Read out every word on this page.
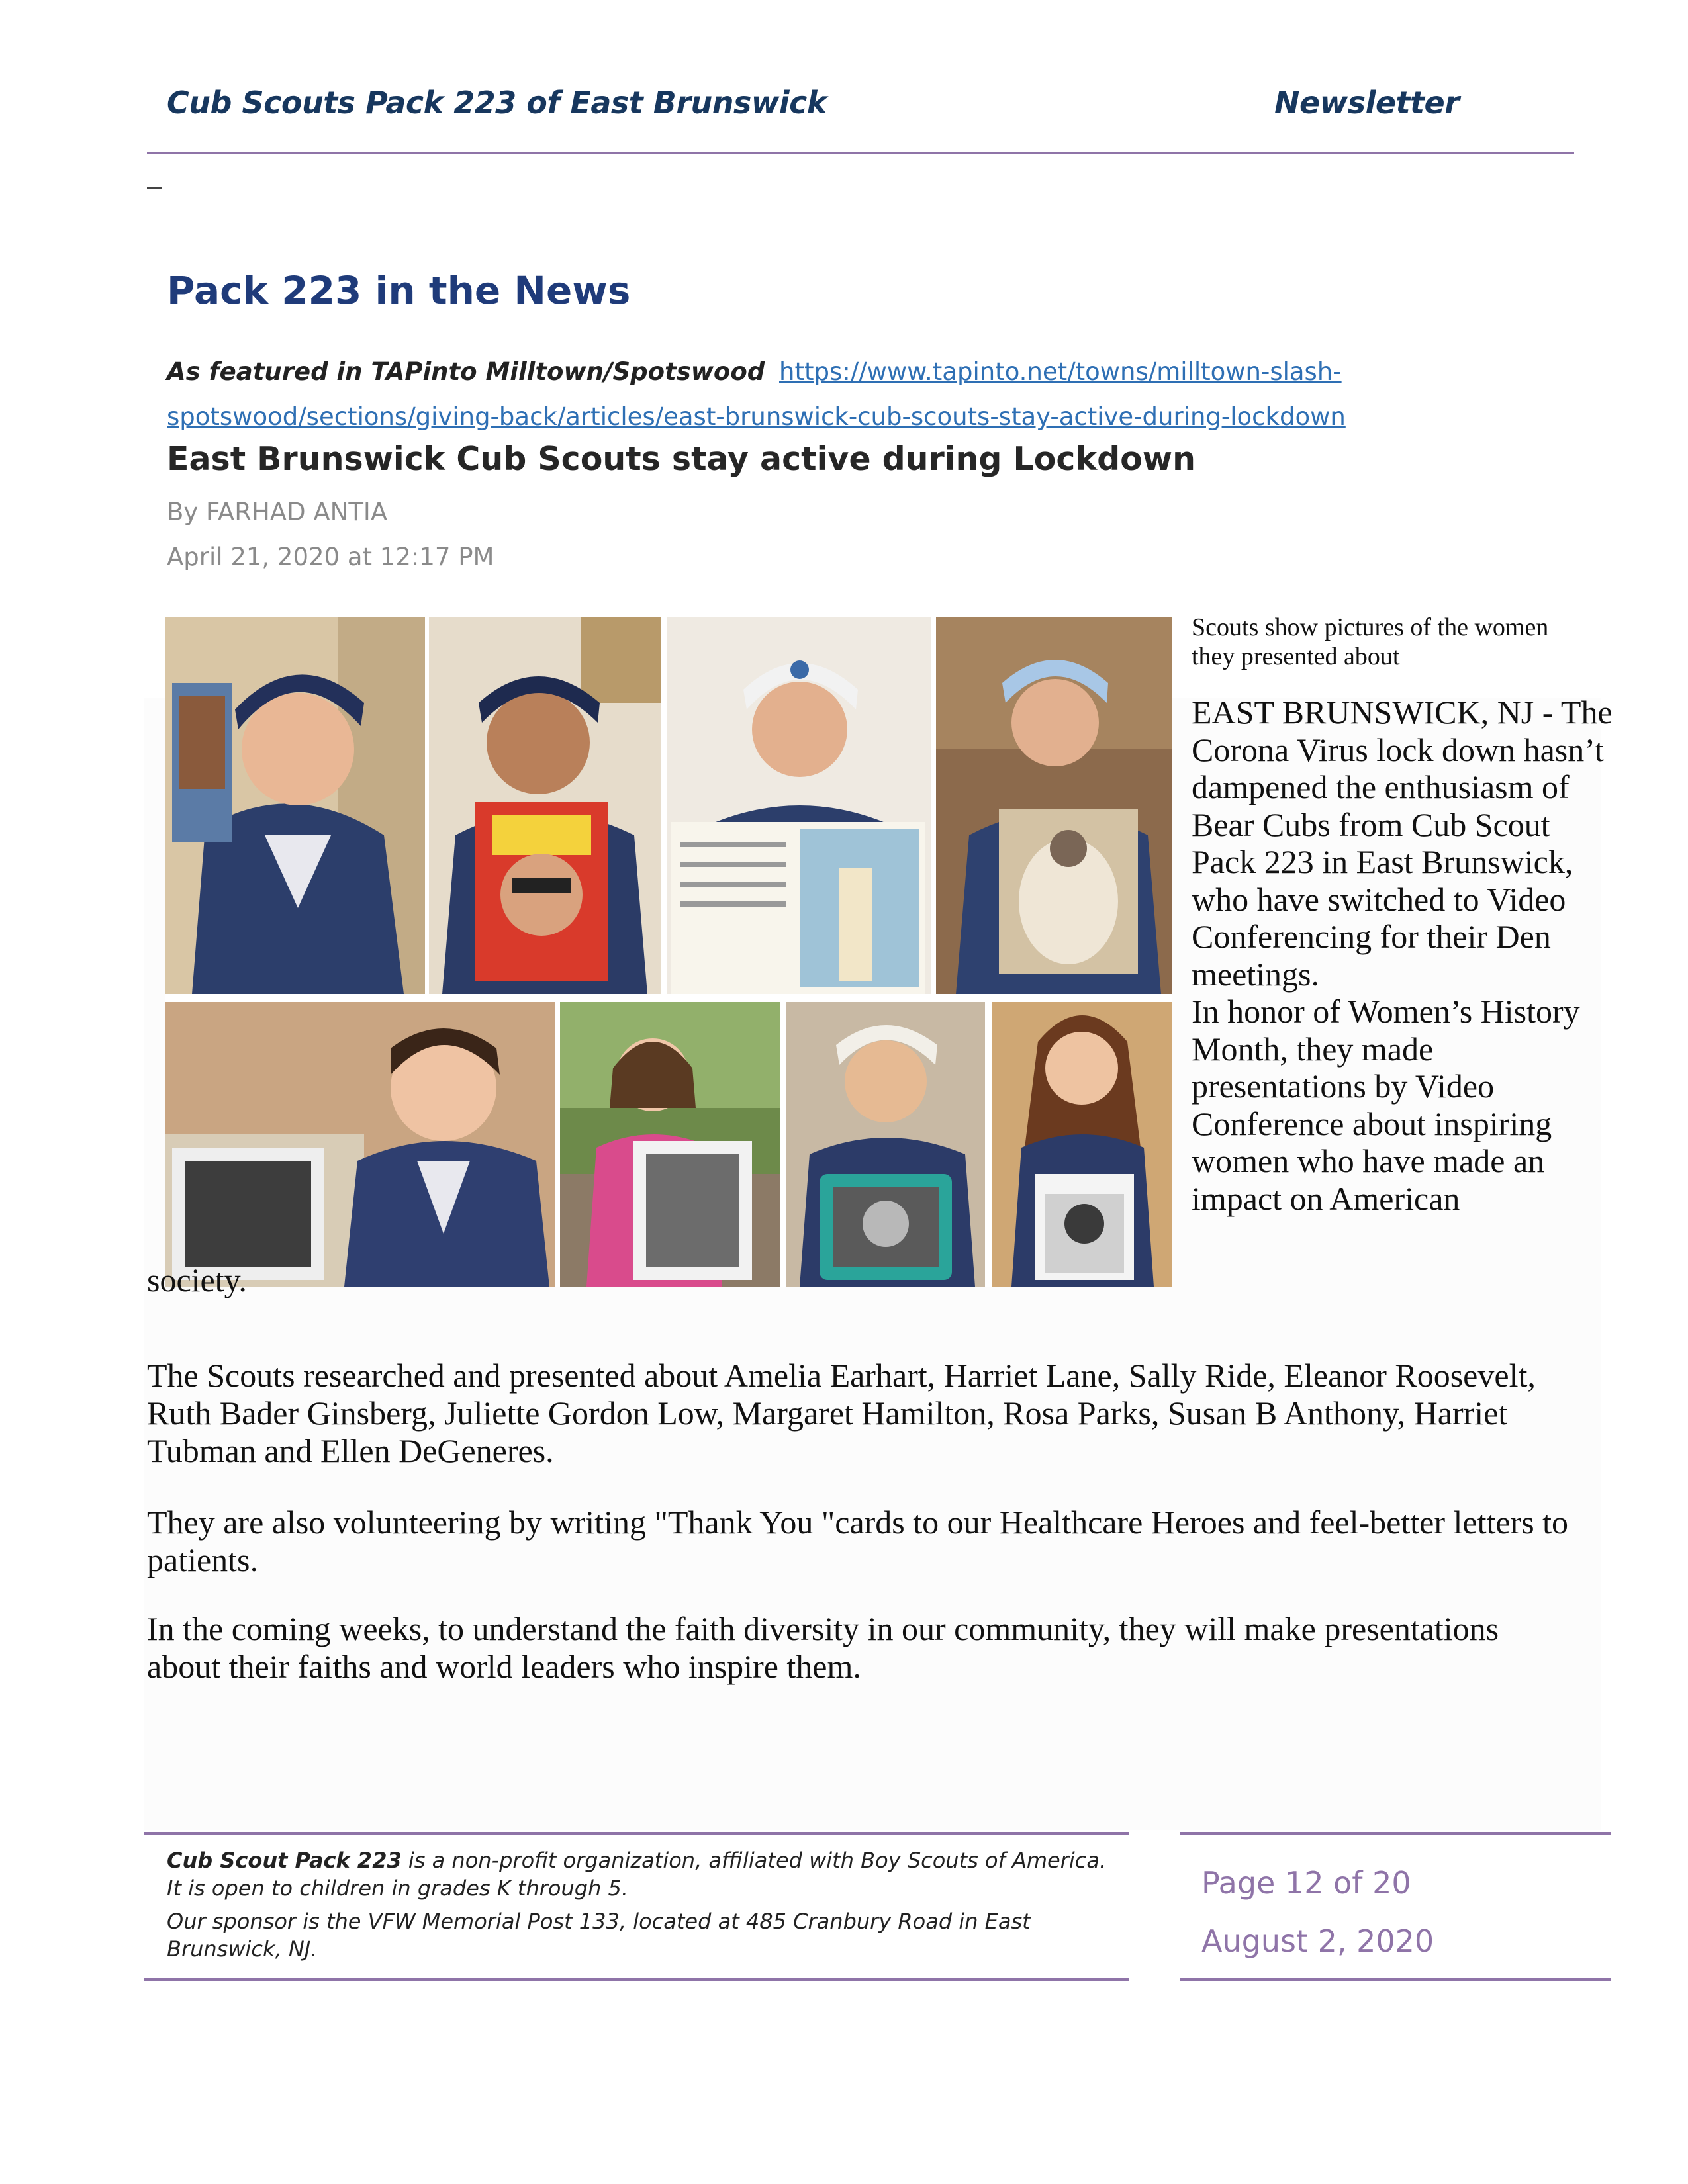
Cub Scouts Pack 223 of East Brunswick	Newsletter
Pack 223 in the News
As featured in TAPinto Milltown/Spotswood https://www.tapinto.net/towns/milltown-slash-spotswood/sections/giving-back/articles/east-brunswick-cub-scouts-stay-active-during-lockdown
East Brunswick Cub Scouts stay active during Lockdown
By FARHAD ANTIA
April 21, 2020 at 12:17 PM
Scouts show pictures of the women they presented about

EAST BRUNSWICK, NJ - The Corona Virus lock down hasn’t dampened the enthusiasm of Bear Cubs from Cub Scout Pack 223 in East Brunswick, who have switched to Video Conferencing for their Den meetings.

In honor of Women’s History Month, they made presentations by Video Conference about inspiring women who have made an impact on American

society.
The Scouts researched and presented about Amelia Earhart, Harriet Lane, Sally Ride, Eleanor Roosevelt, Ruth Bader Ginsberg, Juliette Gordon Low, Margaret Hamilton, Rosa Parks, Susan B Anthony, Harriet Tubman and Ellen DeGeneres.
They are also volunteering by writing "Thank You "cards to our Healthcare Heroes and feel-better letters to patients.
In the coming weeks, to understand the faith diversity in our community, they will make presentations about their faiths and world leaders who inspire them.

Cub Scout Pack 223 is a non-profit organization, affiliated with Boy Scouts of America. It is open to children in grades K through 5.

Our sponsor is the VFW Memorial Post 133, located at 485 Cranbury Road in East Brunswick, NJ.

Page 12 of 20
August 2, 2020
